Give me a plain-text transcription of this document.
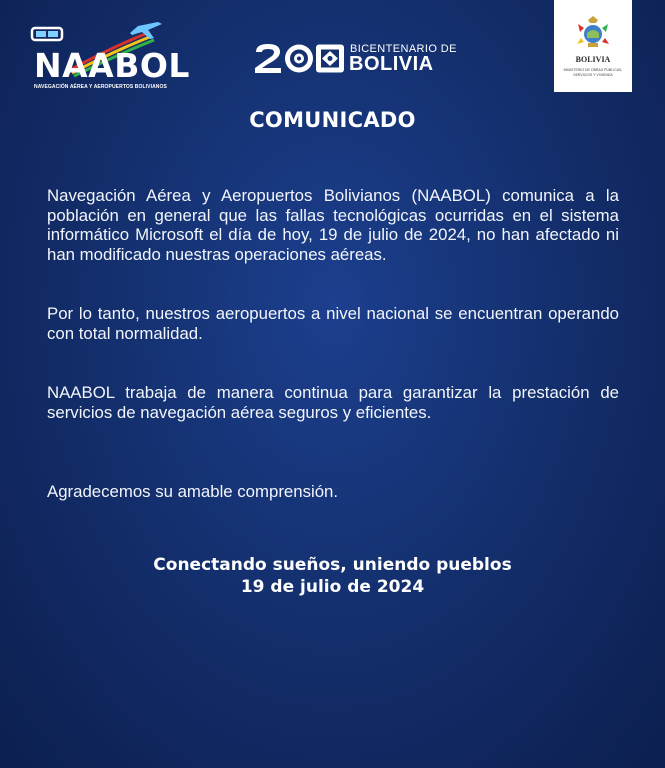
NAABOL
NAVEGACIÓN AÉREA Y AEROPUERTOS BOLIVIANOS
BICENTENARIO DE
BOLIVIA	BOLIVIA
MINISTERIO DE OBRAS PÚBLICAS, SERVICIOS Y VIVIENDA
COMUNICADO

Navegación Aérea y Aeropuertos Bolivianos (NAABOL) comunica a la población en general que las fallas tecnológicas ocurridas en el sistema informático Microsoft el día de hoy, 19 de julio de 2024, no han afectado ni han modificado nuestras operaciones aéreas.

Por lo tanto, nuestros aeropuertos a nivel nacional se encuentran operando con total normalidad.

NAABOL trabaja de manera continua para garantizar la prestación de servicios de navegación aérea seguros y eficientes.

Agradecemos su amable comprensión.

Conectando sueños, uniendo pueblos
19 de julio de 2024
